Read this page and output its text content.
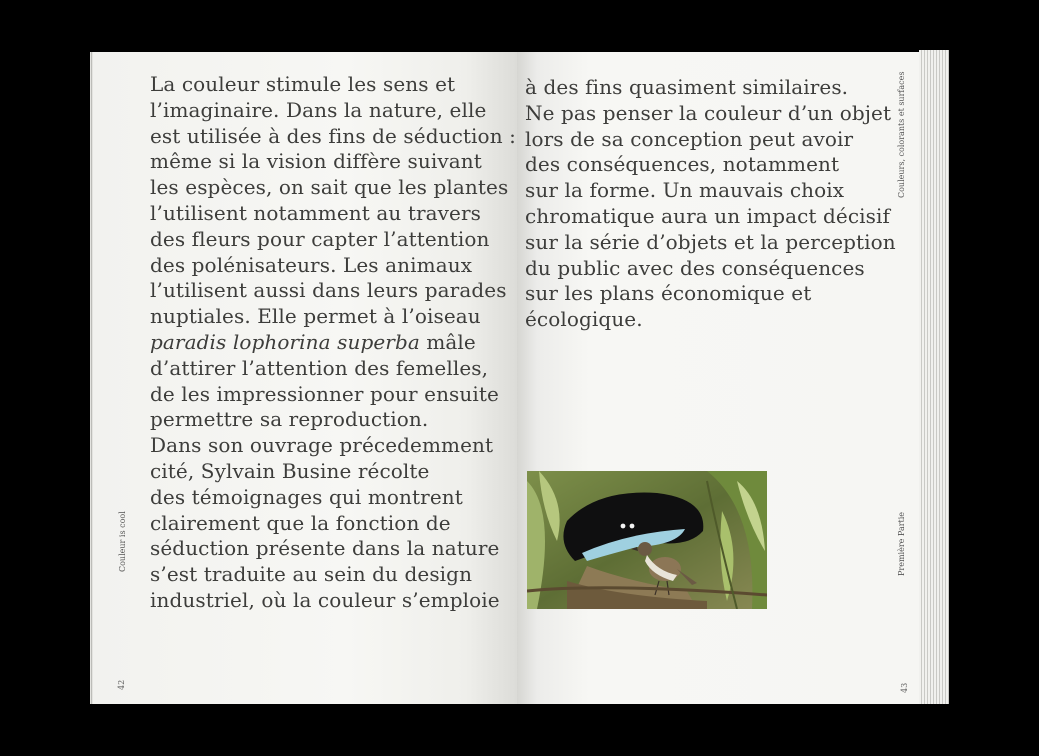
La couleur stimule les sens et
l’imaginaire. Dans la nature, elle
est utilisée à des fins de séduction :
même si la vision diffère suivant
les espèces, on sait que les plantes
l’utilisent notamment au travers
des fleurs pour capter l’attention
des polénisateurs. Les animaux
l’utilisent aussi dans leurs parades
nuptiales. Elle permet à l’oiseau
paradis lophorina superba mâle
d’attirer l’attention des femelles,
de les impressionner pour ensuite
permettre sa reproduction.
Dans son ouvrage précedemment
cité, Sylvain Busine récolte
des témoignages qui montrent
clairement que la fonction de
séduction présente dans la nature
s’est traduite au sein du design
industriel, où la couleur s’emploie
Couleur is cool
42
à des fins quasiment similaires.
Ne pas penser la couleur d’un objet
lors de sa conception peut avoir
des conséquences, notamment
sur la forme. Un mauvais choix
chromatique aura un impact décisif
sur la série d’objets et la perception
du public avec des conséquences
sur les plans économique et
écologique.
Couleurs, colorants et surfaces
Première Partie
43
